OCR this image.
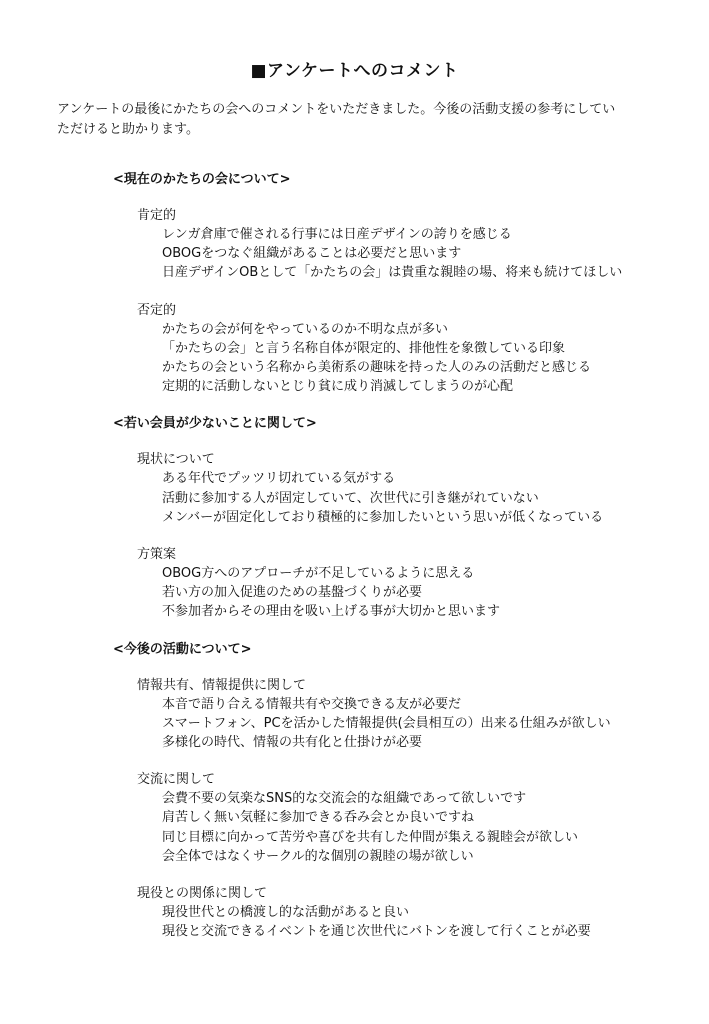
■アンケートへのコメント

アンケートの最後にかたちの会へのコメントをいただきました。今後の活動支援の参考にしてい

ただけると助かります。

<現在のかたちの会について>
肯定的
レンガ倉庫で催される行事には日産デザインの誇りを感じる
OBOGをつなぐ組織があることは必要だと思います
日産デザインOBとして「かたちの会」は貴重な親睦の場、将来も続けてほしい
否定的
かたちの会が何をやっているのか不明な点が多い
「かたちの会」と言う名称自体が限定的、排他性を象徴している印象
かたちの会という名称から美術系の趣味を持った人のみの活動だと感じる
定期的に活動しないとじり貧に成り消滅してしまうのが心配
<若い会員が少ないことに関して>
現状について
ある年代でプッツリ切れている気がする
活動に参加する人が固定していて、次世代に引き継がれていない
メンバーが固定化しており積極的に参加したいという思いが低くなっている
方策案
OBOG方へのアプローチが不足しているように思える
若い方の加入促進のための基盤づくりが必要
不参加者からその理由を吸い上げる事が大切かと思います
<今後の活動について>
情報共有、情報提供に関して
本音で語り合える情報共有や交換できる友が必要だ
スマートフォン、PCを活かした情報提供(会員相互の）出来る仕組みが欲しい
多様化の時代、情報の共有化と仕掛けが必要
交流に関して
会費不要の気楽なSNS的な交流会的な組織であって欲しいです
肩苦しく無い気軽に参加できる呑み会とか良いですね
同じ目標に向かって苦労や喜びを共有した仲間が集える親睦会が欲しい
会全体ではなくサークル的な個別の親睦の場が欲しい
現役との関係に関して
現役世代との橋渡し的な活動があると良い
現役と交流できるイベントを通じ次世代にバトンを渡して行くことが必要
